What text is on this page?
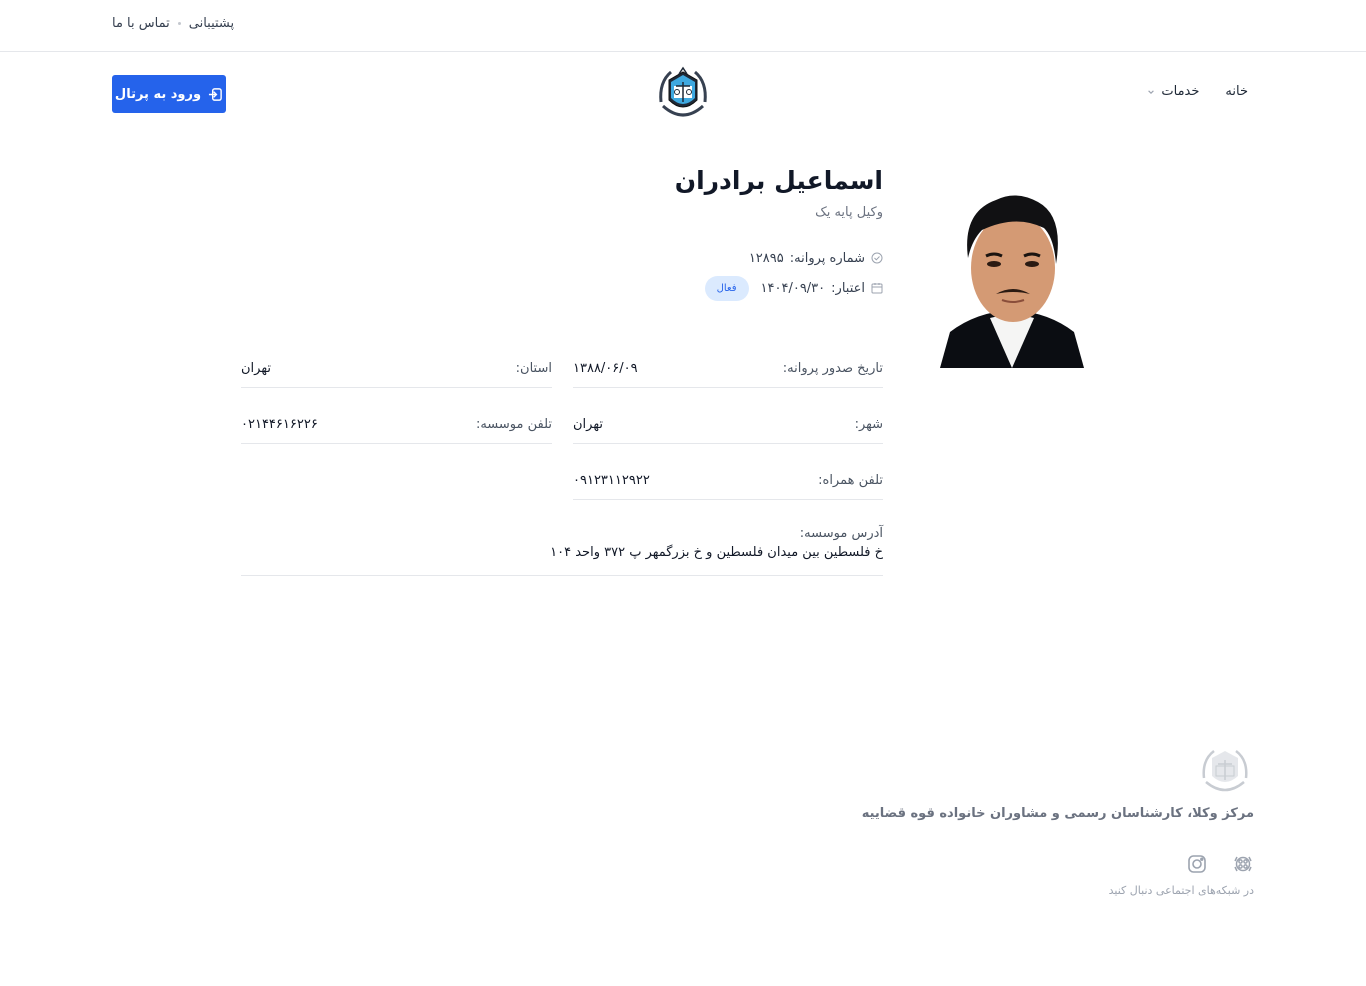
پشتیبانی
تماس با ما
ورود به پرتال	خانه
خدمات
اسماعیل برادران
وکیل پایه یک
شماره پروانه:
۱۲۸۹۵
اعتبار:
۱۴۰۴/۰۹/۳۰
فعال
تاریخ صدور پروانه:
۱۳۸۸/۰۶/۰۹
استان:
تهران
شهر:
تهران
تلفن موسسه:
۰۲۱۴۴۶۱۶۲۲۶
تلفن همراه:
۰۹۱۲۳۱۱۲۹۲۲
آدرس موسسه:
خ فلسطین بین میدان فلسطین و خ بزرگمهر پ ۳۷۲ واحد ۱۰۴
مرکز وکلا، کارشناسان رسمی و مشاوران خانواده قوه قضاییه
در شبکه‌های اجتماعی دنبال کنید
